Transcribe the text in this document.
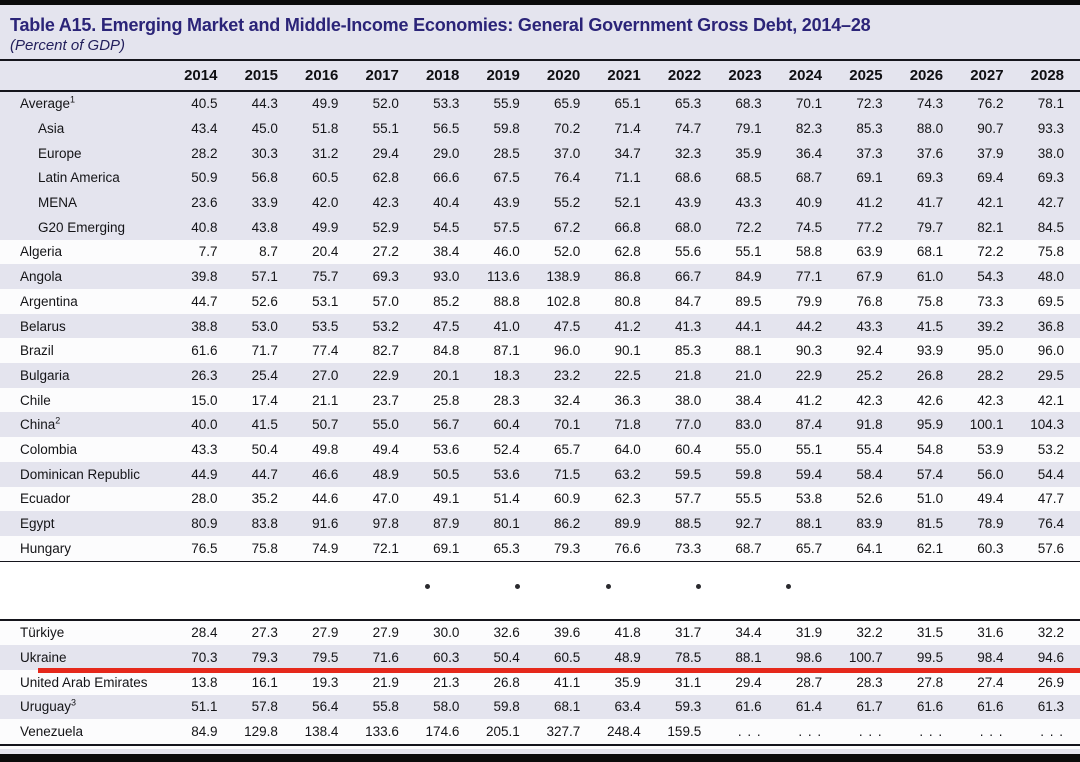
Table A15. Emerging Market and Middle-Income Economies: General Government Gross Debt, 2014–28
(Percent of GDP)
2014	2015	2016	2017	2018	2019	2020	2021	2022	2023	2024	2025	2026	2027	2028
Average$^1$	40.5	44.3	49.9	52.0	53.3	55.9	65.9	65.1	65.3	68.3	70.1	72.3	74.3	76.2	78.1
Asia	43.4	45.0	51.8	55.1	56.5	59.8	70.2	71.4	74.7	79.1	82.3	85.3	88.0	90.7	93.3
Europe	28.2	30.3	31.2	29.4	29.0	28.5	37.0	34.7	32.3	35.9	36.4	37.3	37.6	37.9	38.0
Latin America	50.9	56.8	60.5	62.8	66.6	67.5	76.4	71.1	68.6	68.5	68.7	69.1	69.3	69.4	69.3
MENA	23.6	33.9	42.0	42.3	40.4	43.9	55.2	52.1	43.9	43.3	40.9	41.2	41.7	42.1	42.7
G20 Emerging	40.8	43.8	49.9	52.9	54.5	57.5	67.2	66.8	68.0	72.2	74.5	77.2	79.7	82.1	84.5
Algeria	7.7	8.7	20.4	27.2	38.4	46.0	52.0	62.8	55.6	55.1	58.8	63.9	68.1	72.2	75.8
Angola	39.8	57.1	75.7	69.3	93.0	113.6	138.9	86.8	66.7	84.9	77.1	67.9	61.0	54.3	48.0
Argentina	44.7	52.6	53.1	57.0	85.2	88.8	102.8	80.8	84.7	89.5	79.9	76.8	75.8	73.3	69.5
Belarus	38.8	53.0	53.5	53.2	47.5	41.0	47.5	41.2	41.3	44.1	44.2	43.3	41.5	39.2	36.8
Brazil	61.6	71.7	77.4	82.7	84.8	87.1	96.0	90.1	85.3	88.1	90.3	92.4	93.9	95.0	96.0
Bulgaria	26.3	25.4	27.0	22.9	20.1	18.3	23.2	22.5	21.8	21.0	22.9	25.2	26.8	28.2	29.5
Chile	15.0	17.4	21.1	23.7	25.8	28.3	32.4	36.3	38.0	38.4	41.2	42.3	42.6	42.3	42.1
China$^2$	40.0	41.5	50.7	55.0	56.7	60.4	70.1	71.8	77.0	83.0	87.4	91.8	95.9	100.1	104.3
Colombia	43.3	50.4	49.8	49.4	53.6	52.4	65.7	64.0	60.4	55.0	55.1	55.4	54.8	53.9	53.2
Dominican Republic	44.9	44.7	46.6	48.9	50.5	53.6	71.5	63.2	59.5	59.8	59.4	58.4	57.4	56.0	54.4
Ecuador	28.0	35.2	44.6	47.0	49.1	51.4	60.9	62.3	57.7	55.5	53.8	52.6	51.0	49.4	47.7
Egypt	80.9	83.8	91.6	97.8	87.9	80.1	86.2	89.9	88.5	92.7	88.1	83.9	81.5	78.9	76.4
Hungary	76.5	75.8	74.9	72.1	69.1	65.3	79.3	76.6	73.3	68.7	65.7	64.1	62.1	60.3	57.6
Türkiye	28.4	27.3	27.9	27.9	30.0	32.6	39.6	41.8	31.7	34.4	31.9	32.2	31.5	31.6	32.2
Ukraine	70.3	79.3	79.5	71.6	60.3	50.4	60.5	48.9	78.5	88.1	98.6	100.7	99.5	98.4	94.6
United Arab Emirates	13.8	16.1	19.3	21.9	21.3	26.8	41.1	35.9	31.1	29.4	28.7	28.3	27.8	27.4	26.9
Uruguay$^3$	51.1	57.8	56.4	55.8	58.0	59.8	68.1	63.4	59.3	61.6	61.4	61.7	61.6	61.6	61.3
Venezuela	84.9	129.8	138.4	133.6	174.6	205.1	327.7	248.4	159.5	. . .	. . .	. . .	. . .	. . .	. . .
